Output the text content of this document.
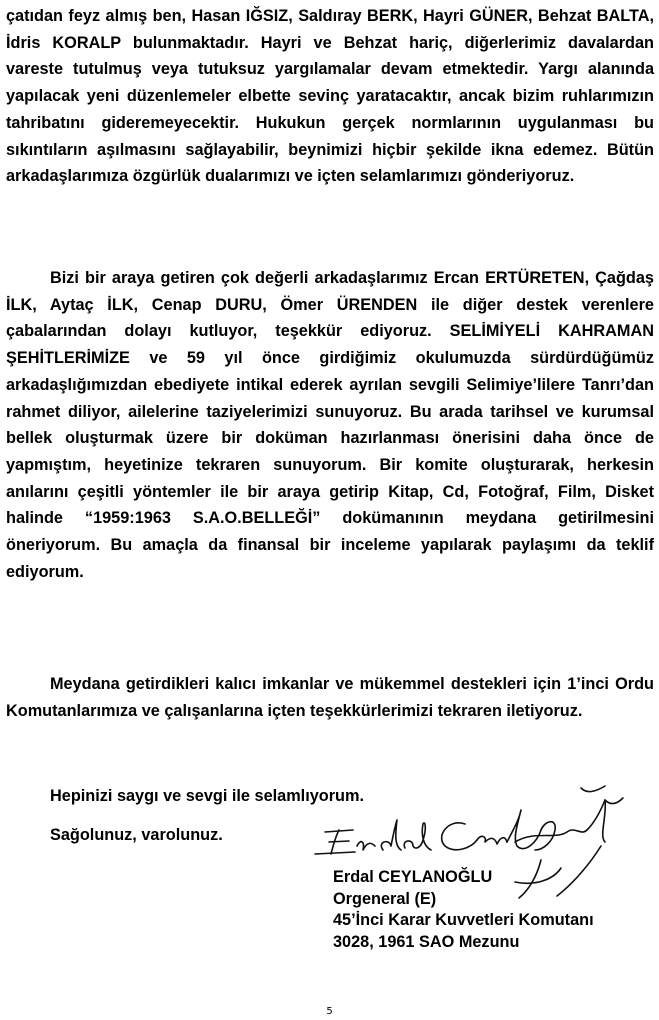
çatıdan feyz almış ben, Hasan IĞSIZ, Saldıray BERK, Hayri GÜNER, Behzat BALTA, İdris KORALP bulunmaktadır. Hayri ve Behzat hariç, diğerlerimiz davalardan vareste tutulmuş veya tutuksuz yargılamalar devam etmektedir. Yargı alanında yapılacak yeni düzenlemeler elbette sevinç yaratacaktır, ancak bizim ruhlarımızın tahribatını gideremeyecektir. Hukukun gerçek normlarının uygulanması bu sıkıntıların aşılmasını sağlayabilir, beynimizi hiçbir şekilde ikna edemez. Bütün arkadaşlarımıza özgürlük dualarımızı ve içten selamlarımızı gönderiyoruz.

Bizi bir araya getiren çok değerli arkadaşlarımız Ercan ERTÜRETEN, Çağdaş İLK, Aytaç İLK, Cenap DURU, Ömer ÜRENDEN ile diğer destek verenlere çabalarından dolayı kutluyor, teşekkür ediyoruz. SELİMİYELİ KAHRAMAN ŞEHİTLERİMİZE ve 59 yıl önce girdiğimiz okulumuzda sürdürdüğümüz arkadaşlığımızdan ebediyete intikal ederek ayrılan sevgili Selimiye’lilere Tanrı’dan rahmet diliyor, ailelerine taziyelerimizi sunuyoruz. Bu arada tarihsel ve kurumsal bellek oluşturmak üzere bir doküman hazırlanması önerisini daha önce de yapmıştım, heyetinize tekraren sunuyorum. Bir komite oluşturarak, herkesin anılarını çeşitli yöntemler ile bir araya getirip Kitap, Cd, Fotoğraf, Film, Disket halinde “1959:1963 S.A.O.BELLEĞİ” dokümanının meydana getirilmesini öneriyorum. Bu amaçla da finansal bir inceleme yapılarak paylaşımı da teklif ediyorum.

Meydana getirdikleri kalıcı imkanlar ve mükemmel destekleri için 1’inci Ordu Komutanlarımıza ve çalışanlarına içten teşekkürlerimizi tekraren iletiyoruz.

Hepinizi saygı ve sevgi ile selamlıyorum.

Sağolunuz, varolunuz.

Erdal CEYLANOĞLU
Orgeneral (E)
45’İnci Karar Kuvvetleri Komutanı
3028, 1961 SAO Mezunu
5
